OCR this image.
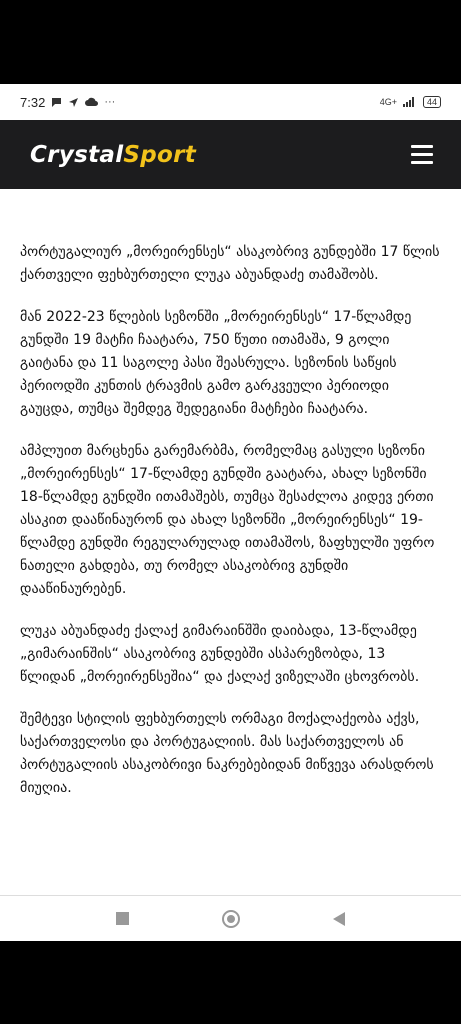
7:32	···	4G+	44
CrystalSport

პორტუგალიურ „მორეირენსეს“ ასაკობრივ გუნდებში 17 წლის ქართველი ფეხბურთელი ლუკა აბუანდაძე თამაშობს.

მან 2022-23 წლების სეზონში „მორეირენსეს“ 17-წლამდე გუნდში 19 მატჩი ჩაატარა, 750 წუთი ითამაშა, 9 გოლი გაიტანა და 11 საგოლე პასი შეასრულა. სეზონის საწყის პერიოდში კუნთის ტრავმის გამო გარკვეული პერიოდი გაუცდა, თუმცა შემდეგ შედეგიანი მატჩები ჩაატარა.

ამპლუით მარცხენა გარემარბმა, რომელმაც გასული სეზონი „მორეირენსეს“ 17-წლამდე გუნდში გაატარა, ახალ სეზონში 18-წლამდე გუნდში ითამაშებს, თუმცა შესაძლოა კიდევ ერთი ასაკით დააწინაურონ და ახალ სეზონში „მორეირენსეს“ 19-წლამდე გუნდში რეგულარულად ითამაშოს, ზაფხულში უფრო ნათელი გახდება, თუ რომელ ასაკობრივ გუნდში დააწინაურებენ.

ლუკა აბუანდაძე ქალაქ გიმარაინშში დაიბადა, 13-წლამდე „გიმარაინშის“ ასაკობრივ გუნდებში ასპარეზობდა, 13 წლიდან „მორეირენსეშია“ და ქალაქ ვიზელაში ცხოვრობს.

შემტევი სტილის ფეხბურთელს ორმაგი მოქალაქეობა აქვს, საქართველოსი და პორტუგალიის. მას საქართველოს ან პორტუგალიის ასაკობრივი ნაკრებებიდან მიწვევა არასდროს მიუღია.
